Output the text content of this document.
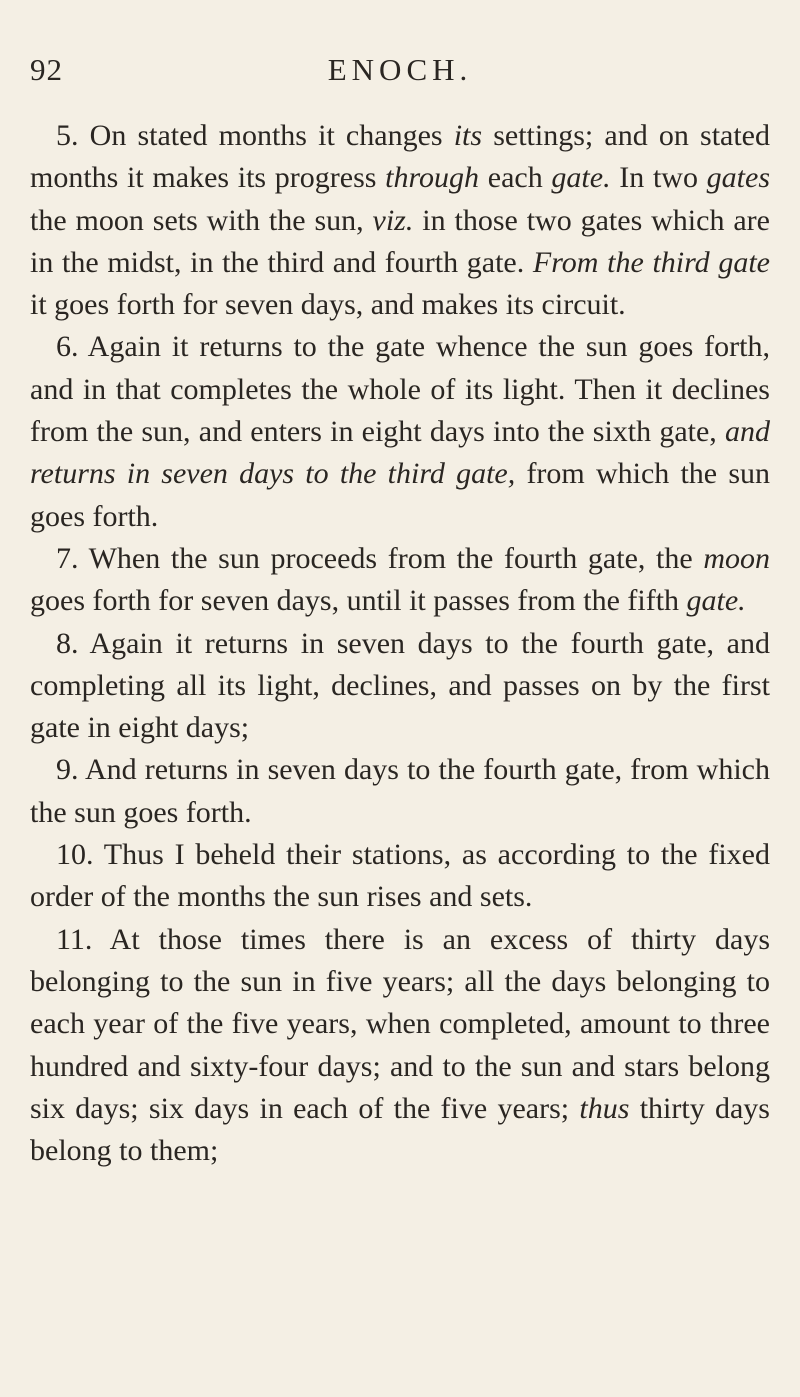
92	ENOCH.

5. On stated months it changes its settings; and on stated months it makes its progress through each gate. In two gates the moon sets with the sun, viz. in those two gates which are in the midst, in the third and fourth gate. From the third gate it goes forth for seven days, and makes its circuit.

6. Again it returns to the gate whence the sun goes forth, and in that completes the whole of its light. Then it declines from the sun, and enters in eight days into the sixth gate, and returns in seven days to the third gate, from which the sun goes forth.

7. When the sun proceeds from the fourth gate, the moon goes forth for seven days, until it passes from the fifth gate.

8. Again it returns in seven days to the fourth gate, and completing all its light, declines, and passes on by the first gate in eight days;

9. And returns in seven days to the fourth gate, from which the sun goes forth.

10. Thus I beheld their stations, as according to the fixed order of the months the sun rises and sets.

11. At those times there is an excess of thirty days belonging to the sun in five years; all the days belonging to each year of the five years, when completed, amount to three hundred and sixty-four days; and to the sun and stars belong six days; six days in each of the five years; thus thirty days belong to them;
